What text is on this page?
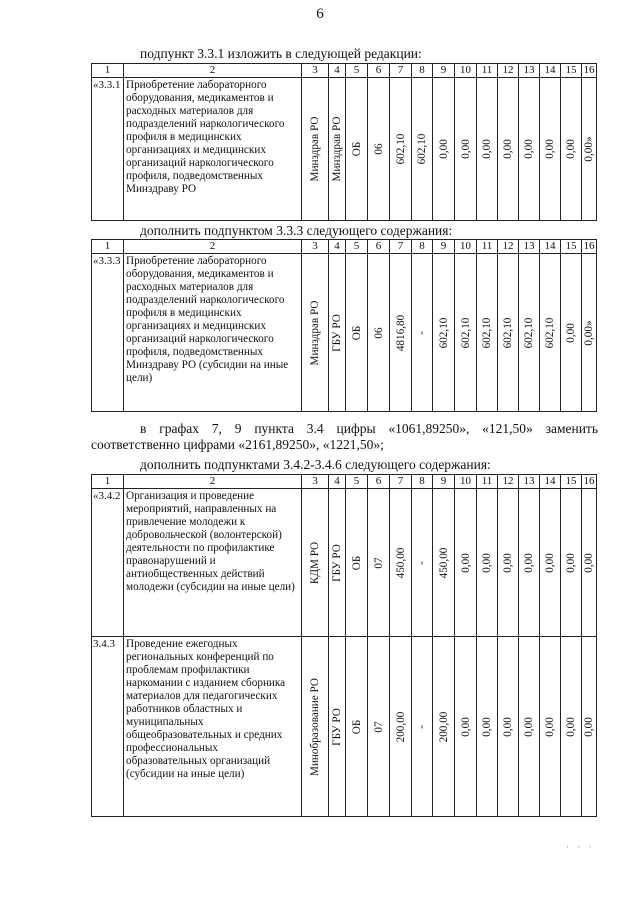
6
подпункт 3.3.1 изложить в следующей редакции:
1	2	3	4	5	6	7	8	9	10	11	12	13	14	15	16
«3.3.1	Приобретение лабораторного оборудования, медикаментов и расходных материалов для подразделений наркологического профиля в медицинских организациях и медицинских организаций наркологического профиля, подведомственных Минздраву РО	Минздрав РО	Минздрав РО	ОБ	06	602,10	602,10	0,00	0,00	0,00	0,00	0,00	0,00	0,00	0,00»
дополнить подпунктом 3.3.3 следующего содержания:
1	2	3	4	5	6	7	8	9	10	11	12	13	14	15	16
«3.3.3	Приобретение лабораторного оборудования, медикаментов и расходных материалов для подразделений наркологического профиля в медицинских организациях и медицинских организаций наркологического профиля, подведомственных Минздраву РО (субсидии на иные цели)	Минздрав РО	ГБУ РО	ОБ	06	4816,80	-	602,10	602,10	602,10	602,10	602,10	602,10	0,00	0,00»
в графах 7, 9 пункта 3.4 цифры «1061,89250», «121,50» заменить соответственно цифрами «2161,89250», «1221,50»;
дополнить подпунктами 3.4.2-3.4.6 следующего содержания:
1	2	3	4	5	6	7	8	9	10	11	12	13	14	15	16
«3.4.2	Организация и проведение мероприятий, направленных на привлечение молодежи к добровольческой (волонтерской) деятельности по профилактике правонарушений и антиобщественных действий молодежи (субсидии на иные цели)	КДМ РО	ГБУ РО	ОБ	07	450,00	-	450,00	0,00	0,00	0,00	0,00	0,00	0,00	0,00

3.4.3	Проведение ежегодных региональных конференций по проблемам профилактики наркомании с изданием сборника материалов для педагогических работников областных и муниципальных общеобразовательных и средних профессиональных образовательных организаций (субсидии на иные цели)	Минобразование РО	ГБУ РО	ОБ	07	200,00	-	200,00	0,00	0,00	0,00	0,00	0,00	0,00	0,00
· · ·
